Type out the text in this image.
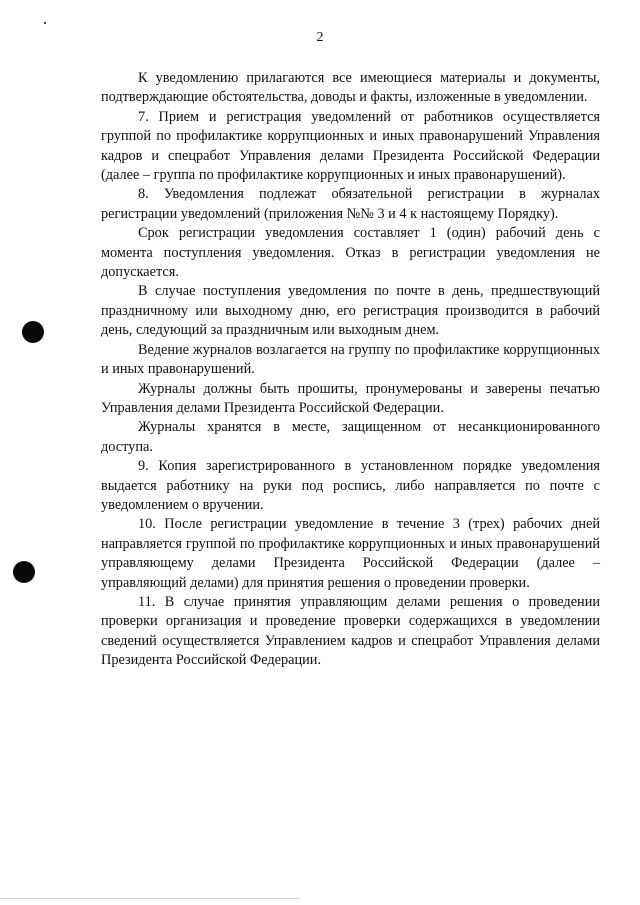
2

К уведомлению прилагаются все имеющиеся материалы и документы, подтверждающие обстоятельства, доводы и факты, изложенные в уведомлении.

7. Прием и регистрация уведомлений от работников осуществляется группой по профилактике коррупционных и иных правонарушений Управления кадров и спецработ Управления делами Президента Российской Федерации (далее – группа по профилактике коррупционных и иных правонарушений).

8. Уведомления подлежат обязательной регистрации в журналах регистрации уведомлений (приложения №№ 3 и 4 к настоящему Порядку).

Срок регистрации уведомления составляет 1 (один) рабочий день с момента поступления уведомления. Отказ в регистрации уведомления не допускается.

В случае поступления уведомления по почте в день, предшествующий праздничному или выходному дню, его регистрация производится в рабочий день, следующий за праздничным или выходным днем.

Ведение журналов возлагается на группу по профилактике коррупционных и иных правонарушений.

Журналы должны быть прошиты, пронумерованы и заверены печатью Управления делами Президента Российской Федерации.

Журналы хранятся в месте, защищенном от несанкционированного доступа.

9. Копия зарегистрированного в установленном порядке уведомления выдается работнику на руки под роспись, либо направляется по почте с уведомлением о вручении.

10. После регистрации уведомление в течение 3 (трех) рабочих дней направляется группой по профилактике коррупционных и иных правонарушений управляющему делами Президента Российской Федерации (далее – управляющий делами) для принятия решения о проведении проверки.

11. В случае принятия управляющим делами решения о проведении проверки организация и проведение проверки содержащихся в уведомлении сведений осуществляется Управлением кадров и спецработ Управления делами Президента Российской Федерации.
